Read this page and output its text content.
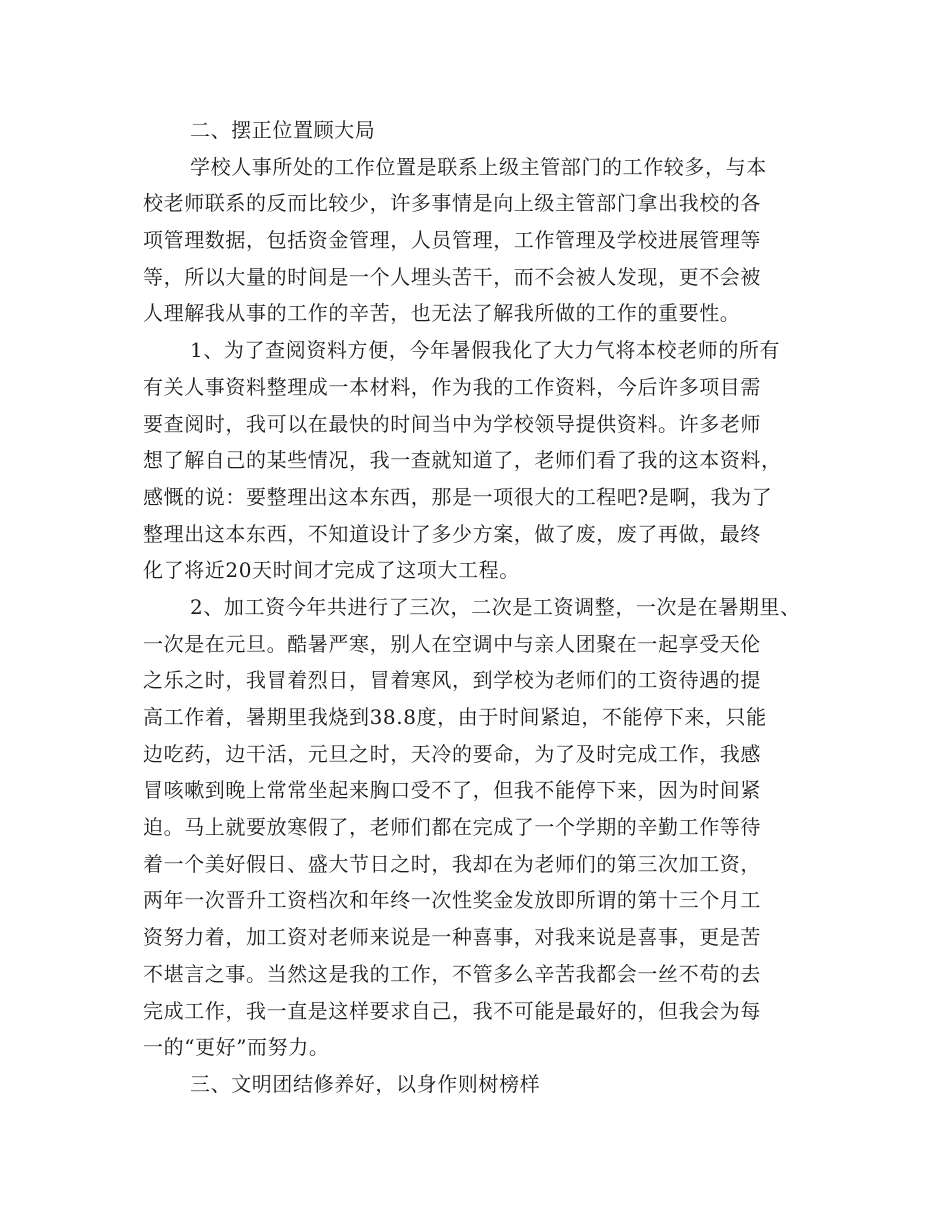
二、摆正位置顾大局
学校人事所处的工作位置是联系上级主管部门的工作较多，与本
校老师联系的反而比较少，许多事情是向上级主管部门拿出我校的各
项管理数据，包括资金管理，人员管理，工作管理及学校进展管理等
等，所以大量的时间是一个人埋头苦干，而不会被人发现，更不会被
人理解我从事的工作的辛苦，也无法了解我所做的工作的重要性。
1、为了查阅资料方便，今年暑假我化了大力气将本校老师的所有
有关人事资料整理成一本材料，作为我的工作资料，今后许多项目需
要查阅时，我可以在最快的时间当中为学校领导提供资料。许多老师
想了解自己的某些情况，我一查就知道了，老师们看了我的这本资料，
感慨的说：要整理出这本东西，那是一项很大的工程吧?是啊，我为了
整理出这本东西，不知道设计了多少方案，做了废，废了再做，最终
化了将近20天时间才完成了这项大工程。
2、加工资今年共进行了三次，二次是工资调整，一次是在暑期里、
一次是在元旦。酷暑严寒，别人在空调中与亲人团聚在一起享受天伦
之乐之时，我冒着烈日，冒着寒风，到学校为老师们的工资待遇的提
高工作着，暑期里我烧到38.8度，由于时间紧迫，不能停下来，只能
边吃药，边干活，元旦之时，天冷的要命，为了及时完成工作，我感
冒咳嗽到晚上常常坐起来胸口受不了，但我不能停下来，因为时间紧
迫。马上就要放寒假了，老师们都在完成了一个学期的辛勤工作等待
着一个美好假日、盛大节日之时，我却在为老师们的第三次加工资，
两年一次晋升工资档次和年终一次性奖金发放即所谓的第十三个月工
资努力着，加工资对老师来说是一种喜事，对我来说是喜事，更是苦
不堪言之事。当然这是我的工作，不管多么辛苦我都会一丝不苟的去
完成工作，我一直是这样要求自己，我不可能是最好的，但我会为每
一的“更好”而努力。
三、文明团结修养好，以身作则树榜样
